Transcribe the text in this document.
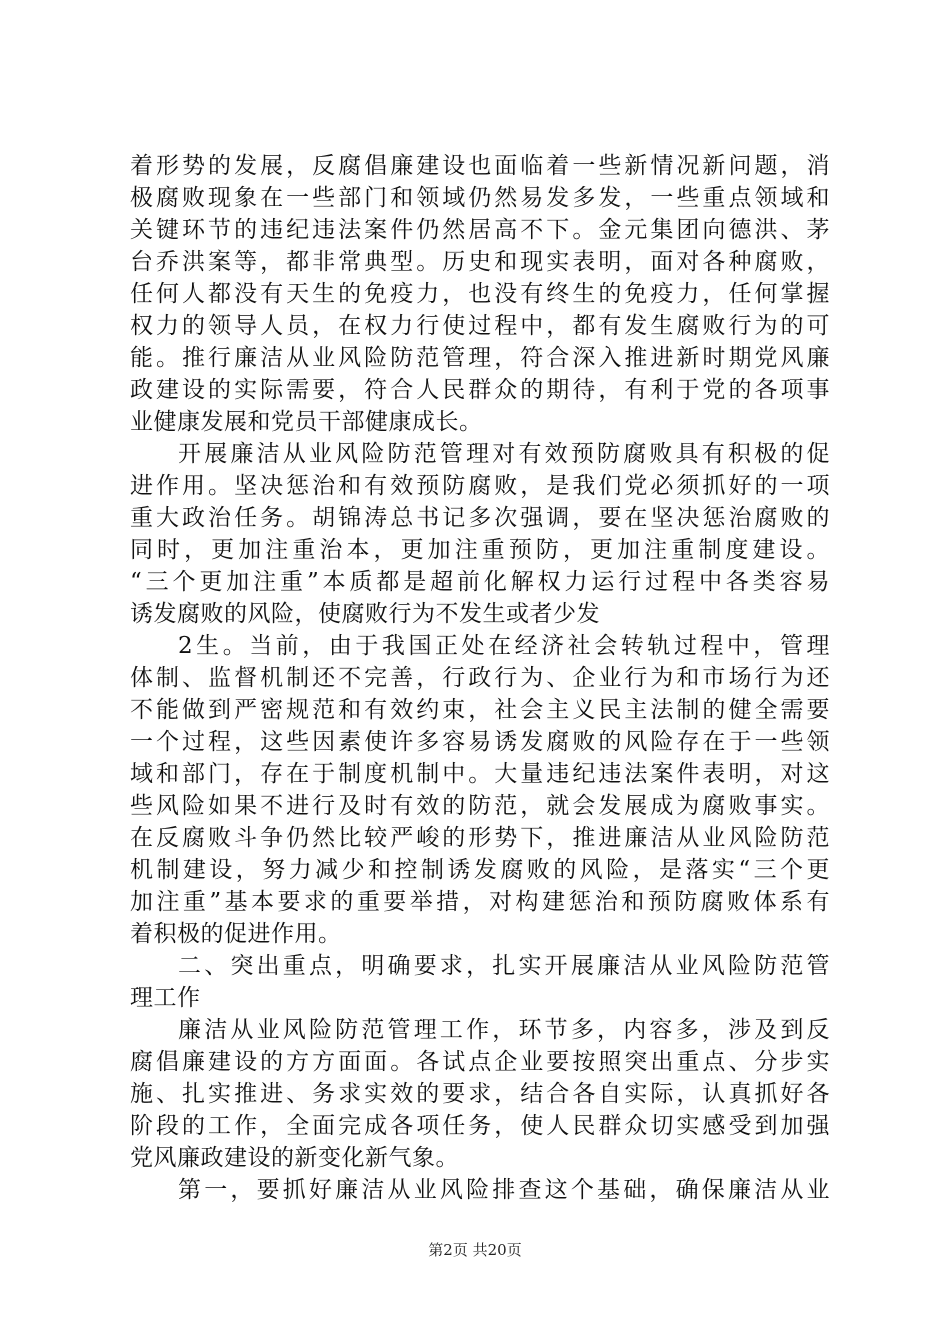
着形势的发展，反腐倡廉建设也面临着一些新情况新问题，消
极腐败现象在一些部门和领域仍然易发多发，一些重点领域和
关键环节的违纪违法案件仍然居高不下。金元集团向德洪、茅
台乔洪案等，都非常典型。历史和现实表明，面对各种腐败，
任何人都没有天生的免疫力，也没有终生的免疫力，任何掌握
权力的领导人员，在权力行使过程中，都有发生腐败行为的可
能。推行廉洁从业风险防范管理，符合深入推进新时期党风廉
政建设的实际需要，符合人民群众的期待，有利于党的各项事
业健康发展和党员干部健康成长。
开展廉洁从业风险防范管理对有效预防腐败具有积极的促
进作用。坚决惩治和有效预防腐败，是我们党必须抓好的一项
重大政治任务。胡锦涛总书记多次强调，要在坚决惩治腐败的
同时，更加注重治本，更加注重预防，更加注重制度建设。
“三个更加注重”本质都是超前化解权力运行过程中各类容易
诱发腐败的风险，使腐败行为不发生或者少发
2生。当前，由于我国正处在经济社会转轨过程中，管理
体制、监督机制还不完善，行政行为、企业行为和市场行为还
不能做到严密规范和有效约束，社会主义民主法制的健全需要
一个过程，这些因素使许多容易诱发腐败的风险存在于一些领
域和部门，存在于制度机制中。大量违纪违法案件表明，对这
些风险如果不进行及时有效的防范，就会发展成为腐败事实。
在反腐败斗争仍然比较严峻的形势下，推进廉洁从业风险防范
机制建设，努力减少和控制诱发腐败的风险，是落实“三个更
加注重”基本要求的重要举措，对构建惩治和预防腐败体系有
着积极的促进作用。
二、突出重点，明确要求，扎实开展廉洁从业风险防范管
理工作
廉洁从业风险防范管理工作，环节多，内容多，涉及到反
腐倡廉建设的方方面面。各试点企业要按照突出重点、分步实
施、扎实推进、务求实效的要求，结合各自实际，认真抓好各
阶段的工作，全面完成各项任务，使人民群众切实感受到加强
党风廉政建设的新变化新气象。
第一，要抓好廉洁从业风险排查这个基础，确保廉洁从业
第2页 共20页
